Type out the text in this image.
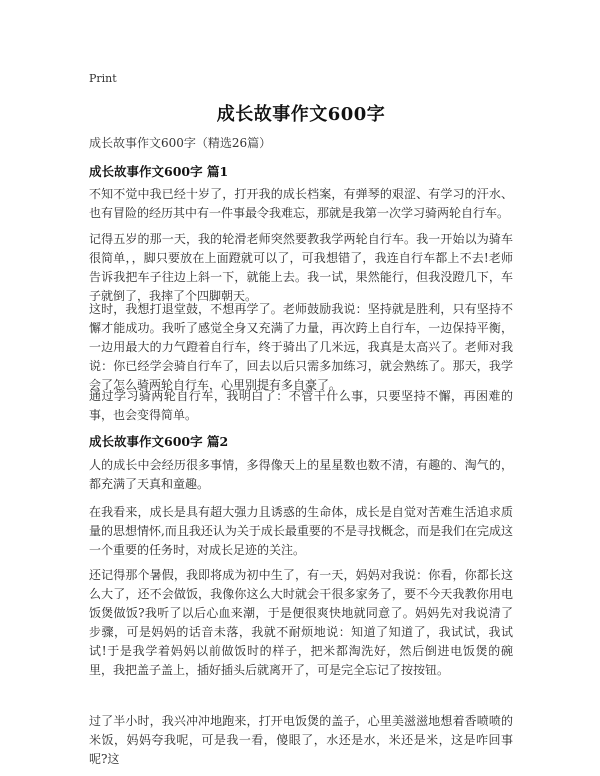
Print
成长故事作文600字
成长故事作文600字（精选26篇）
成长故事作文600字 篇1
不知不觉中我已经十岁了，打开我的成长档案，有弹琴的艰涩、有学习的汗水、也有冒险的经历其中有一件事最令我难忘，那就是我第一次学习骑两轮自行车。
记得五岁的那一天，我的轮滑老师突然要教我学两轮自行车。我一开始以为骑车很简单，，脚只要放在上面蹬就可以了，可我想错了，我连自行车都上不去!老师告诉我把车子往边上斜一下，就能上去。我一试，果然能行，但我没蹬几下，车子就倒了，我摔了个四脚朝天。
这时，我想打退堂鼓，不想再学了。老师鼓励我说：坚持就是胜利，只有坚持不懈才能成功。我听了感觉全身又充满了力量，再次跨上自行车，一边保持平衡，一边用最大的力气蹬着自行车，终于骑出了几米远，我真是太高兴了。老师对我说：你已经学会骑自行车了，回去以后只需多加练习，就会熟练了。那天，我学会了怎么骑两轮自行车，心里别提有多自豪了。
通过学习骑两轮自行车，我明白了：不管干什么事，只要坚持不懈，再困难的事，也会变得简单。
成长故事作文600字 篇2
人的成长中会经历很多事情，多得像天上的星星数也数不清，有趣的、淘气的，都充满了天真和童趣。
在我看来，成长是具有超大强力且诱惑的生命体，成长是自觉对苦难生活追求质量的思想情怀,而且我还认为关于成长最重要的不是寻找概念，而是我们在完成这一个重要的任务时，对成长足迹的关注。
还记得那个暑假，我即将成为初中生了，有一天，妈妈对我说：你看，你都长这么大了，还不会做饭，我像你这么大时就会干很多家务了，要不今天我教你用电饭煲做饭?我听了以后心血来潮，于是便很爽快地就同意了。妈妈先对我说清了步骤，可是妈妈的话音未落，我就不耐烦地说：知道了知道了，我试试，我试试!于是我学着妈妈以前做饭时的样子，把米都淘洗好，然后倒进电饭煲的碗里，我把盖子盖上，插好插头后就离开了，可是完全忘记了按按钮。
过了半小时，我兴冲冲地跑来，打开电饭煲的盖子，心里美滋滋地想着香喷喷的米饭，妈妈夸我呢，可是我一看，傻眼了，水还是水，米还是米，这是咋回事呢?这
